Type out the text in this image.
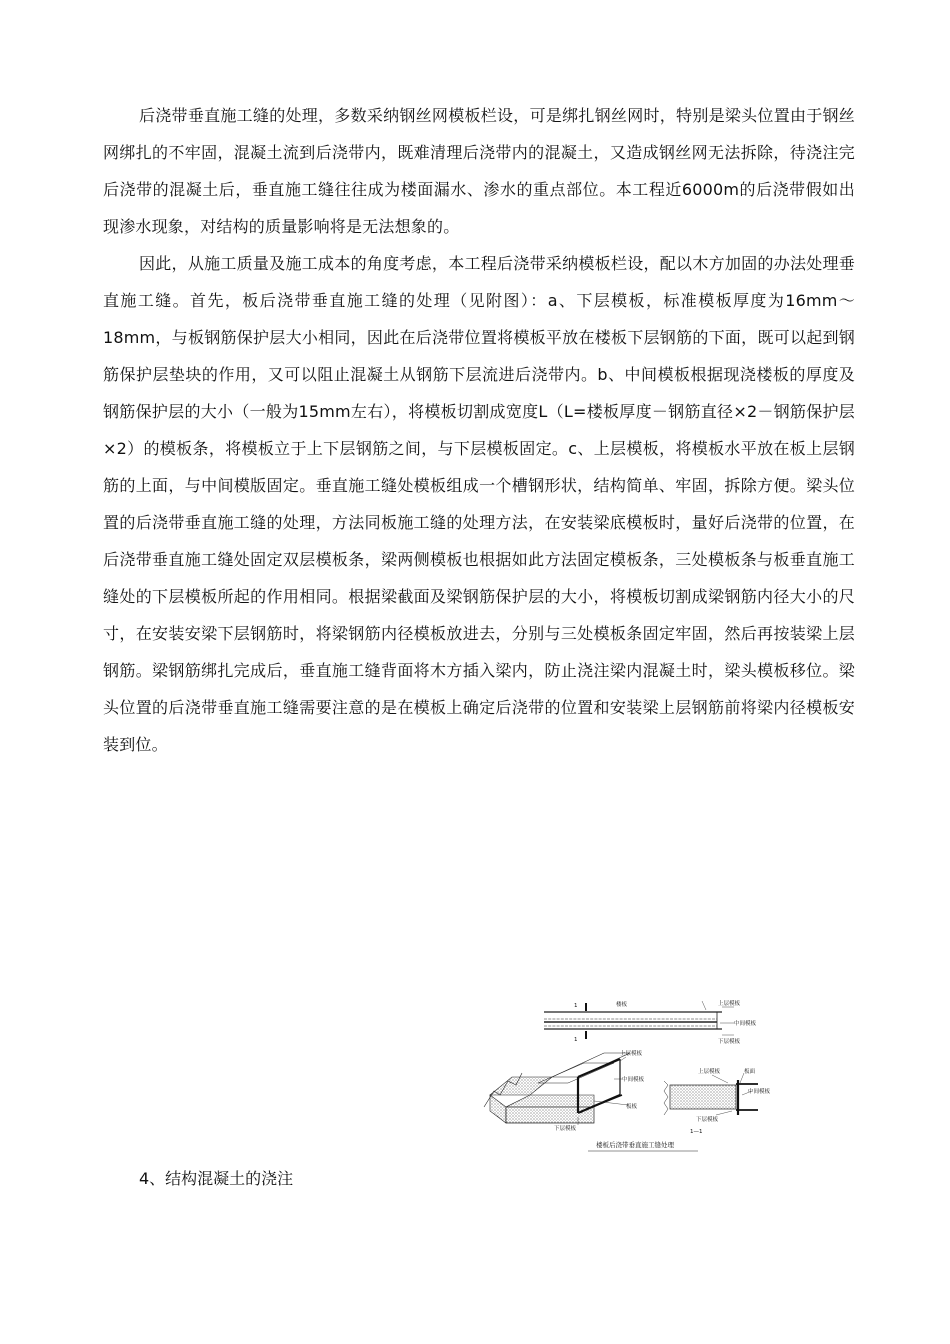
后浇带垂直施工缝的处理，多数采纳钢丝网模板栏设，可是绑扎钢丝网时，特别是梁头位置由于钢丝网绑扎的不牢固，混凝土流到后浇带内，既难清理后浇带内的混凝土，又造成钢丝网无法拆除，待浇注完后浇带的混凝土后，垂直施工缝往往成为楼面漏水、渗水的重点部位。本工程近6000m的后浇带假如出现渗水现象，对结构的质量影响将是无法想象的。

因此，从施工质量及施工成本的角度考虑，本工程后浇带采纳模板栏设，配以木方加固的办法处理垂直施工缝。首先，板后浇带垂直施工缝的处理（见附图）：a、下层模板，标准模板厚度为16mm～18mm，与板钢筋保护层大小相同，因此在后浇带位置将模板平放在楼板下层钢筋的下面，既可以起到钢筋保护层垫块的作用，又可以阻止混凝土从钢筋下层流进后浇带内。b、中间模板根据现浇楼板的厚度及钢筋保护层的大小（一般为15mm左右），将模板切割成宽度L（L=楼板厚度－钢筋直径×2－钢筋保护层×2）的模板条，将模板立于上下层钢筋之间，与下层模板固定。c、上层模板，将模板水平放在板上层钢筋的上面，与中间模版固定。垂直施工缝处模板组成一个槽钢形状，结构简单、牢固，拆除方便。梁头位置的后浇带垂直施工缝的处理，方法同板施工缝的处理方法，在安装梁底模板时，量好后浇带的位置，在后浇带垂直施工缝处固定双层模板条，梁两侧模板也根据如此方法固定模板条，三处模板条与板垂直施工缝处的下层模板所起的作用相同。根据梁截面及梁钢筋保护层的大小，将模板切割成梁钢筋内径大小的尺寸，在安装安梁下层钢筋时，将梁钢筋内径模板放进去，分别与三处模板条固定牢固，然后再按装梁上层钢筋。梁钢筋绑扎完成后，垂直施工缝背面将木方插入梁内，防止浇注梁内混凝土时，梁头模板移位。梁头位置的后浇带垂直施工缝需要注意的是在模板上确定后浇带的位置和安装梁上层钢筋前将梁内径模板安装到位。

1
1
楼板	上层模板
中间模板
下层模板
上层模板
中间模板
板板
下层模板
上层模板	板面
中间模板
下层模板
1—1
楼板后浇带垂直施工缝处理

4、结构混凝土的浇注
